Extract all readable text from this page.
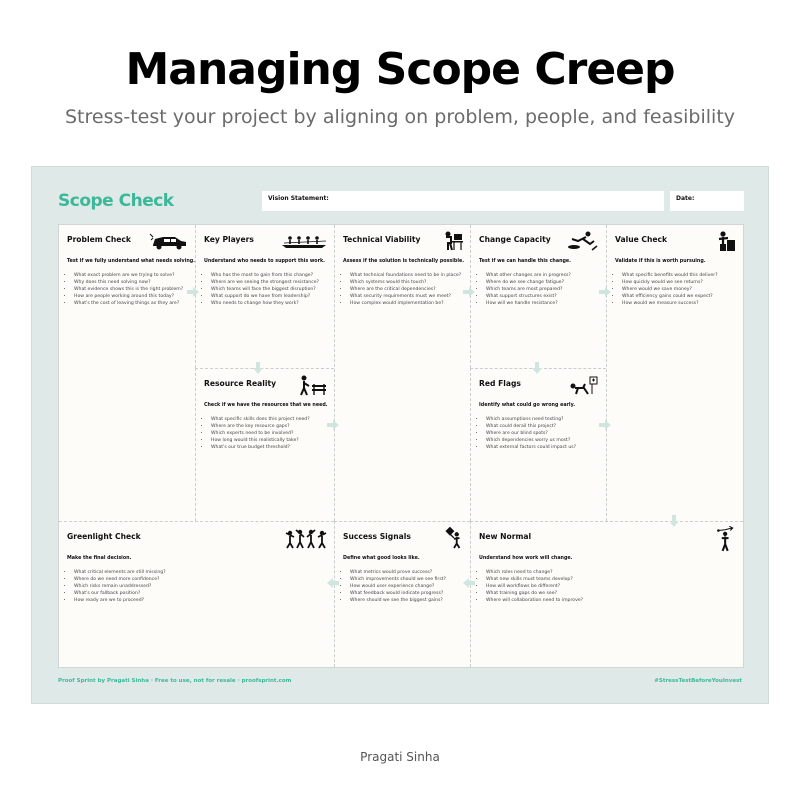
Managing Scope Creep
Stress-test your project by aligning on problem, people, and feasibility
Scope Check	Vision Statement:	Date:
Problem Check
Test if we fully understand what needs solving.
• What exact problem are we trying to solve?
• Why does this need solving now?
• What evidence shows this is the right problem?
• How are people working around this today?
• What's the cost of leaving things as they are?
Key Players
Understand who needs to support this work.
• Who has the most to gain from this change?
• Where are we seeing the strongest resistance?
• Which teams will face the biggest disruption?
• What support do we have from leadership?
• Who needs to change how they work?
Technical Viability
Assess if the solution is technically possible.
• What technical foundations need to be in place?
• Which systems would this touch?
• Where are the critical dependencies?
• What security requirements must we meet?
• How complex would implementation be?
Change Capacity
Test if we can handle this change.
• What other changes are in progress?
• Where do we see change fatigue?
• Which teams are most prepared?
• What support structures exist?
• How will we handle resistance?
Value Check
Validate if this is worth pursuing.
• What specific benefits would this deliver?
• How quickly would we see returns?
• Where would we save money?
• What efficiency gains could we expect?
• How would we measure success?
Resource Reality
Check if we have the resources that we need.
• What specific skills does this project need?
• Where are the key resource gaps?
• Which experts need to be involved?
• How long would this realistically take?
• What's our true budget threshold?
Red Flags
Identify what could go wrong early.
• Which assumptions need testing?
• What could derail this project?
• Where are our blind spots?
• Which dependencies worry us most?
• What external factors could impact us?
Greenlight Check
Make the final decision.
• What critical elements are still missing?
• Where do we need more confidence?
• Which risks remain unaddressed?
• What's our fallback position?
• How ready are we to proceed?
Success Signals
Define what good looks like.
• What metrics would prove success?
• Which improvements should we see first?
• How would user experience change?
• What feedback would indicate progress?
• Where should we see the biggest gains?
New Normal
Understand how work will change.
• Which roles need to change?
• What new skills must teams develop?
• How will workflows be different?
• What training gaps do we see?
• Where will collaboration need to improve?
Proof Sprint by Pragati Sinha · Free to use, not for resale · proofsprint.com	#StressTestBeforeYouInvest
Pragati Sinha
